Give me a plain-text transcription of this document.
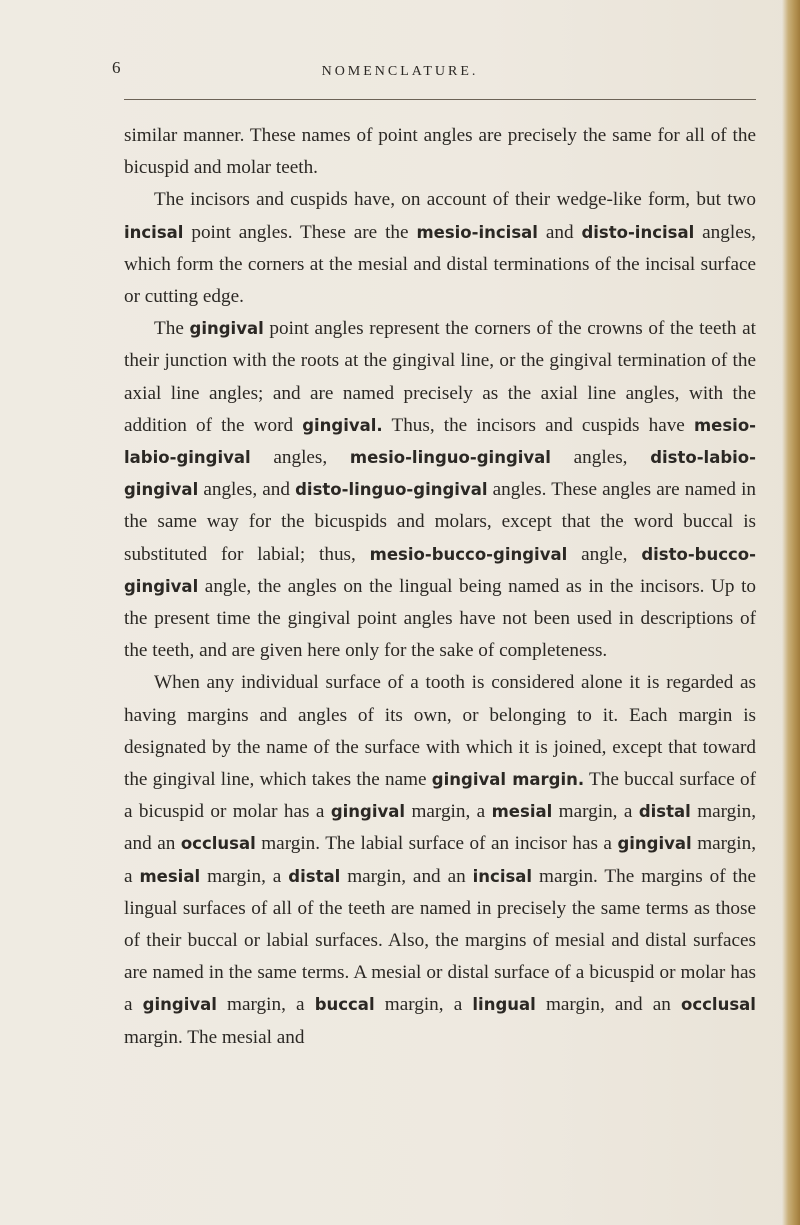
6	NOMENCLATURE.

similar manner. These names of point angles are precisely the same for all of the bicuspid and molar teeth.

The incisors and cuspids have, on account of their wedge-like form, but two incisal point angles. These are the mesio-incisal and disto-incisal angles, which form the corners at the mesial and distal terminations of the incisal surface or cutting edge.

The gingival point angles represent the corners of the crowns of the teeth at their junction with the roots at the gingival line, or the gingival termination of the axial line angles; and are named precisely as the axial line angles, with the addition of the word gingival. Thus, the incisors and cuspids have mesio-labio-gingival angles, mesio-linguo-gingival angles, disto-labio-gingival angles, and disto-linguo-gingival angles. These angles are named in the same way for the bicuspids and molars, except that the word buccal is substituted for labial; thus, mesio-bucco-gingival angle, disto-bucco-gingival angle, the angles on the lingual being named as in the incisors. Up to the present time the gingival point angles have not been used in descriptions of the teeth, and are given here only for the sake of completeness.

When any individual surface of a tooth is considered alone it is regarded as having margins and angles of its own, or belonging to it. Each margin is designated by the name of the surface with which it is joined, except that toward the gingival line, which takes the name gingival margin. The buccal surface of a bicuspid or molar has a gingival margin, a mesial margin, a distal margin, and an occlusal margin. The labial surface of an incisor has a gingival margin, a mesial margin, a distal margin, and an incisal margin. The margins of the lingual surfaces of all of the teeth are named in precisely the same terms as those of their buccal or labial surfaces. Also, the margins of mesial and distal surfaces are named in the same terms. A mesial or distal surface of a bicuspid or molar has a gingival margin, a buccal margin, a lingual margin, and an occlusal margin. The mesial and
